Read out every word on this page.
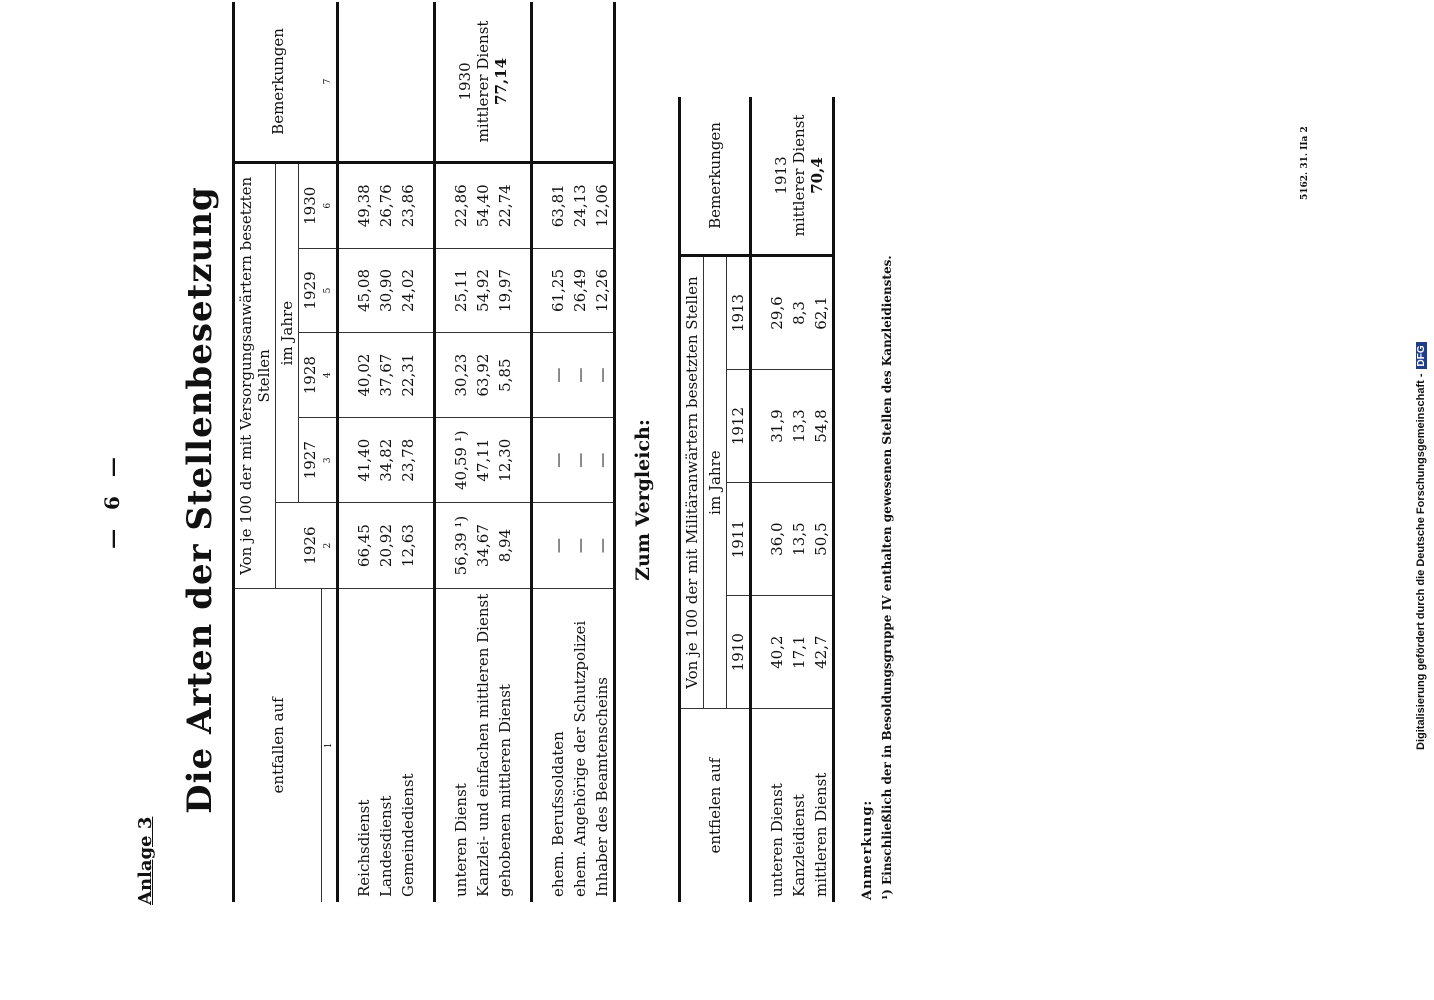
— 6 —
Anlage 3
Die Arten der Stellenbesetzung	entfallen auf	Von je 100 der mit Versorgungsanwärtern besetzten Stellen					Bemerkungen
		im Jahre				
	1926	1927	1928	1929	1930	
1	2	3	4	5	6	7

Reichsdienst	66,45	41,40	40,02	45,08	49,38	
Landesdienst	20,92	34,82	37,67	30,90	26,76	
Gemeindedienst	12,63	23,78	22,31	24,02	23,86	

unteren Dienst	56,39 ¹)	40,59 ¹)	30,23	25,11	22,86	1930 mittlerer Dienst 77,14

Kanzlei- und einfachen mittleren Dienst	34,67	47,11	63,92	54,92	54,40	
gehobenen mittleren Dienst	8,94	12,30	5,85	19,97	22,74	

ehem. Berufssoldaten	—	—	—	61,25	63,81	
ehem. Angehörige der Schutzpolizei	—	—	—	26,49	24,13	
Inhaber des Beamtenscheins	—	—	—	12,26	12,06	
Zum Vergleich:
entfielen auf	Von je 100 der mit Militäranwärtern besetzten Stellen				Bemerkungen
	im Jahre				
	1910	1911	1912	1913	

unteren Dienst	40,2	36,0	31,9	29,6	1913 mittlerer Dienst 70,4

Kanzleidienst	17,1	13,5	13,3	8,3	
mittleren Dienst	42,7	50,5	54,8	62,1	
Anmerkung: ¹) Einschließlich der in Besoldungsgruppe IV enthalten gewesenen Stellen des Kanzleidienstes.
5162. 31. IIa 2
Digitalisierung gefördert durch die Deutsche Forschungsgemeinschaft -DFG
